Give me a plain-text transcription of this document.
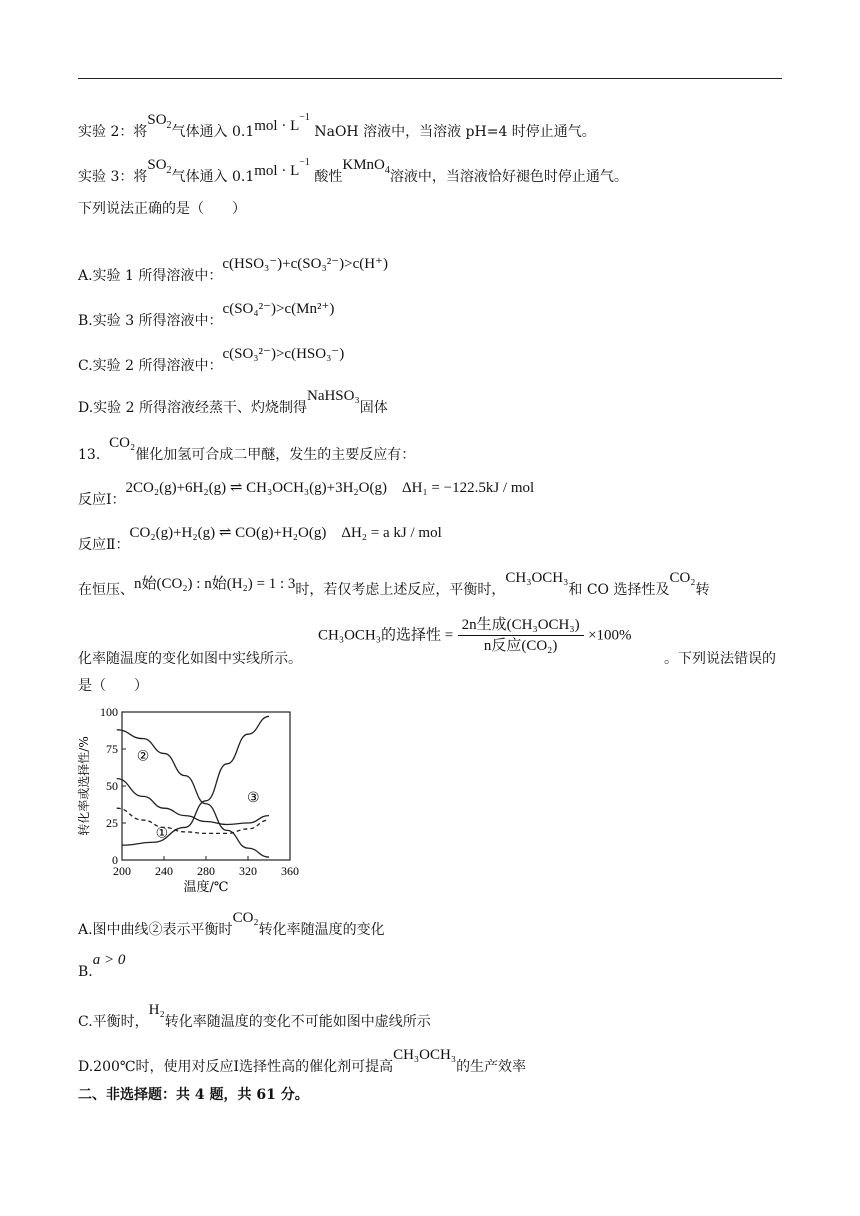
实验 2：将$SO_2$气体通入 $0.1mol \cdot L^{-1}$ NaOH 溶液中，当溶液 pH=4 时停止通气。
实验 3：将$SO_2$气体通入 $0.1mol \cdot L^{-1}$ 酸性KMnO$_4$溶液中，当溶液恰好褪色时停止通气。
下列说法正确的是（　　）
A.实验 1 所得溶液中：c(HSO₃⁻)+c(SO₃²⁻)>c(H⁺)
B.实验 3 所得溶液中：c(SO₄²⁻)>c(Mn²⁺)
C.实验 2 所得溶液中：c(SO₃²⁻)>c(HSO₃⁻)
D.实验 2 所得溶液经蒸干、灼烧制得NaHSO₃固体
13.  CO₂催化加氢可合成二甲醚，发生的主要反应有：
反应Ⅰ：2CO₂(g)+6H₂(g) ⇌ CH₃OCH₃(g)+3H₂O(g)　ΔH₁ = −122.5kJ / mol
反应Ⅱ：CO₂(g)+H₂(g) ⇌ CO(g)+H₂O(g)　ΔH₂ = a kJ / mol
在恒压、n始(CO₂) : n始(H₂) = 1 : 3时，若仅考虑上述反应，平衡时，CH₃OCH₃和 CO 选择性及CO₂转
CH₃OCH₃的选择性 = $\frac{\text{2n生成(CH₃OCH₃)}}{\text{n反应(CO₂)}} \times 100\%$
化率随温度的变化如图中实线所示。	。下列说法错误的
是（　　）
0
25
50
75
100
200 240 280 320 360
温度/℃
转化率或选择性/%	①
②
③
A.图中曲线②表示平衡时CO₂转化率随温度的变化
B.a > 0
C.平衡时，H₂转化率随温度的变化不可能如图中虚线所示
D.200℃时，使用对反应Ⅰ选择性高的催化剂可提高CH₃OCH₃的生产效率
二、非选择题：共 4 题，共 61 分。
